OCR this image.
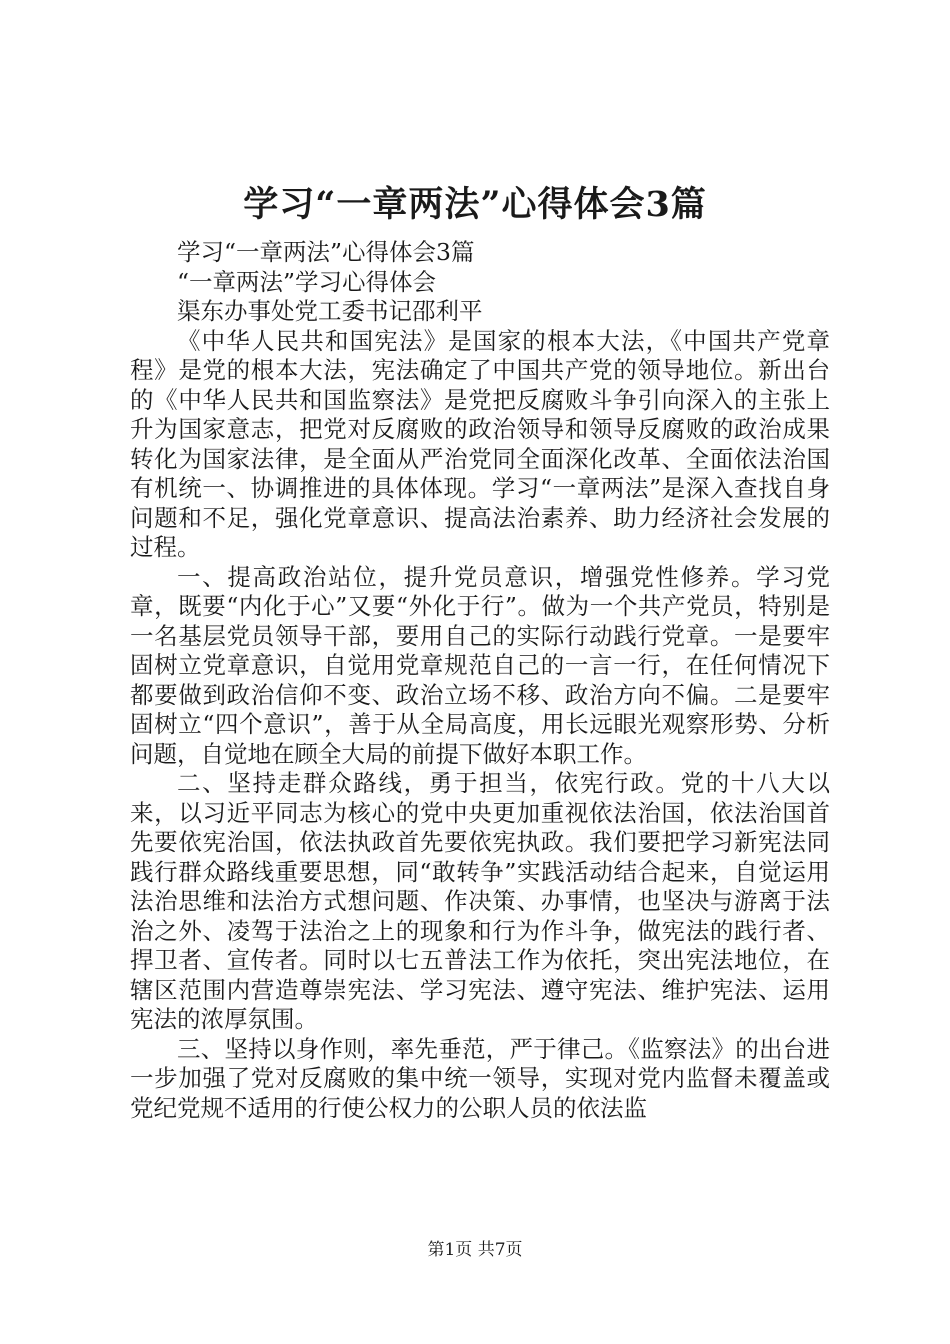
学习“一章两法”心得体会3篇

学习“一章两法”心得体会3篇

“一章两法”学习心得体会

渠东办事处党工委书记邵利平

《中华人民共和国宪法》是国家的根本大法，《中国共产党章程》是党的根本大法，宪法确定了中国共产党的领导地位。新出台的《中华人民共和国监察法》是党把反腐败斗争引向深入的主张上升为国家意志，把党对反腐败的政治领导和领导反腐败的政治成果转化为国家法律，是全面从严治党同全面深化改革、全面依法治国有机统一、协调推进的具体体现。学习“一章两法”是深入查找自身问题和不足，强化党章意识、提高法治素养、助力经济社会发展的过程。

一、提高政治站位，提升党员意识，增强党性修养。学习党章，既要“内化于心”又要“外化于行”。做为一个共产党员，特别是一名基层党员领导干部，要用自己的实际行动践行党章。一是要牢固树立党章意识，自觉用党章规范自己的一言一行，在任何情况下都要做到政治信仰不变、政治立场不移、政治方向不偏。二是要牢固树立“四个意识”，善于从全局高度，用长远眼光观察形势、分析问题，自觉地在顾全大局的前提下做好本职工作。

二、坚持走群众路线，勇于担当，依宪行政。党的十八大以来，以习近平同志为核心的党中央更加重视依法治国，依法治国首先要依宪治国，依法执政首先要依宪执政。我们要把学习新宪法同践行群众路线重要思想，同“敢转争”实践活动结合起来，自觉运用法治思维和法治方式想问题、作决策、办事情，也坚决与游离于法治之外、凌驾于法治之上的现象和行为作斗争，做宪法的践行者、捍卫者、宣传者。同时以七五普法工作为依托，突出宪法地位，在辖区范围内营造尊崇宪法、学习宪法、遵守宪法、维护宪法、运用宪法的浓厚氛围。

三、坚持以身作则，率先垂范，严于律己。《监察法》的出台进一步加强了党对反腐败的集中统一领导，实现对党内监督未覆盖或党纪党规不适用的行使公权力的公职人员的依法监

第1页 共7页
